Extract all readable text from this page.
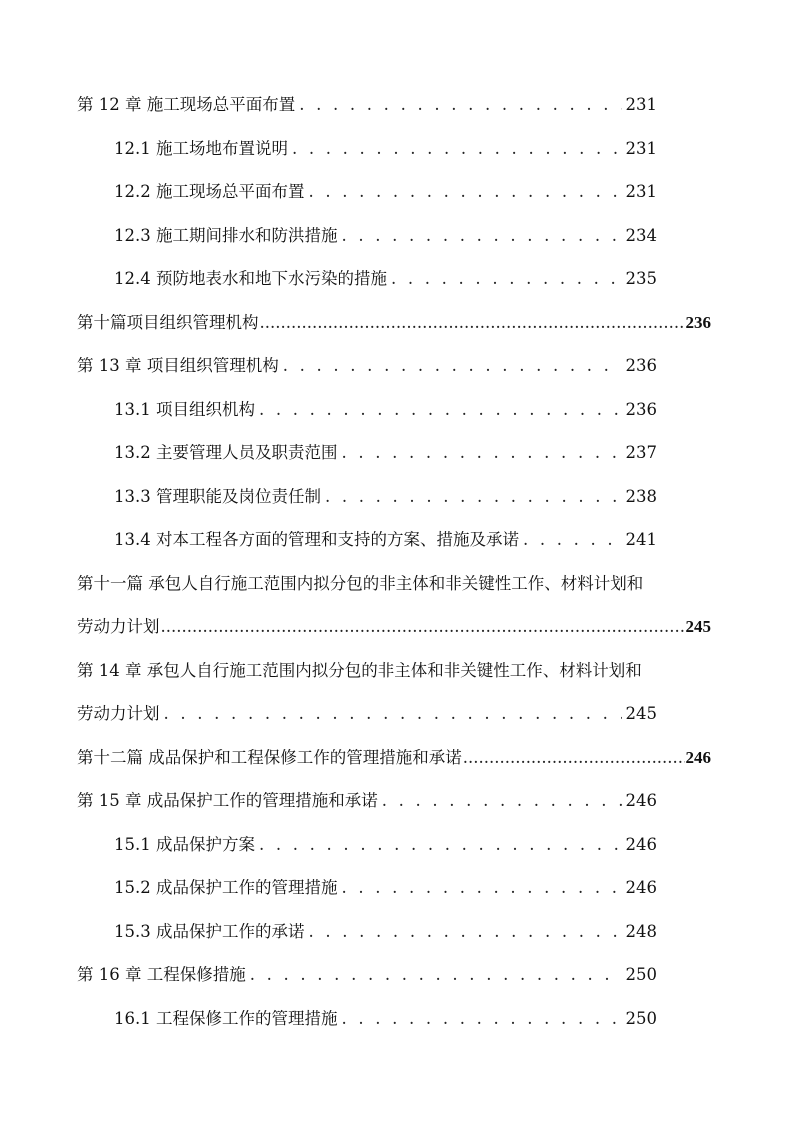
第 12 章 施工现场总平面布置 . . .	231
12.1 施工场地布置说明 . . .	231
12.2 施工现场总平面布置 . . .	231
12.3 施工期间排水和防洪措施 . . .	234
12.4 预防地表水和地下水污染的措施 . . .	235
第十篇项目组织管理机构 .....	236
第 13 章 项目组织管理机构 . . .	236
13.1 项目组织机构 . . .	236
13.2 主要管理人员及职责范围 . . .	237
13.3 管理职能及岗位责任制 . . .	238
13.4 对本工程各方面的管理和支持的方案、措施及承诺 . . .	241
第十一篇 承包人自行施工范围内拟分包的非主体和非关键性工作、材料计划和
劳动力计划 .....	245
第 14 章 承包人自行施工范围内拟分包的非主体和非关键性工作、材料计划和
劳动力计划 . . .	245
第十二篇 成品保护和工程保修工作的管理措施和承诺 .....	246
第 15 章 成品保护工作的管理措施和承诺 . . .	246
15.1 成品保护方案 . . .	246
15.2 成品保护工作的管理措施 . . .	246
15.3 成品保护工作的承诺 . . .	248
第 16 章 工程保修措施 . . .	250
16.1 工程保修工作的管理措施 . . .	250
